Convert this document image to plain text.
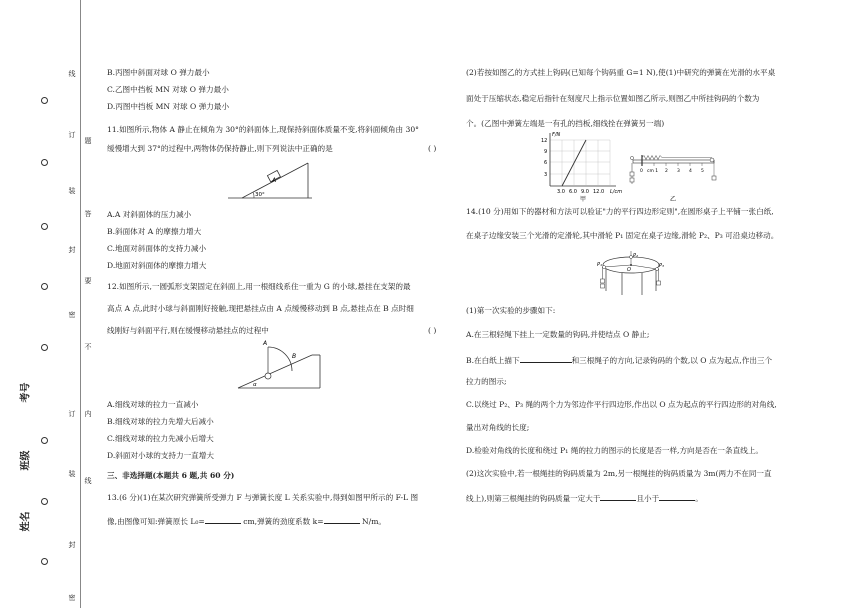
线
订
装
封
密
订
装
封
密
题
答
要
不
内
线
考号
班级
姓名
B.丙图中斜面对球 O 弹力最小
C.乙图中挡板 MN 对球 O 弹力最小
D.丙图中挡板 MN 对球 O 弹力最小
11.如图所示,物体 A 静止在倾角为 30°的斜面体上,现保持斜面体质量不变,将斜面倾角由 30°
缓慢增大到 37°的过程中,两物体仍保持静止,则下列说法中正确的是	( )
A
30°
A.A 对斜面体的压力减小
B.斜面体对 A 的摩擦力增大
C.地面对斜面体的支持力减小
D.地面对斜面体的摩擦力增大
12.如图所示,一圆弧形支架固定在斜面上,用一根细线系住一重为 G 的小球,悬挂在支架的最
高点 A 点,此时小球与斜面刚好接触,现把悬挂点由 A 点缓慢移动到 B 点,悬挂点在 B 点时细
线刚好与斜面平行,则在缓慢移动悬挂点的过程中	( )
A
B
α
A.细线对球的拉力一直减小
B.细线对球的拉力先增大后减小
C.细线对球的拉力先减小后增大
D.斜面对小球的支持力一直增大
三、非选择题(本题共 6 题,共 60 分)
13.(6 分)(1)在某次研究弹簧所受弹力 F 与弹簧长度 L 关系实验中,得到如图甲所示的 F-L 图
像,由图像可知:弹簧原长 L₀=	cm,弹簧的劲度系数 k=	N/m。
(2)若按如图乙的方式挂上钩码(已知每个钩码重 G=1 N),使(1)中研究的弹簧在光滑的水平桌
面处于压缩状态,稳定后指针在刻度尺上指示位置如图乙所示,则图乙中所挂钩码的个数为
个。(乙图中弹簧左端是一有孔的挡板,细线拴在弹簧另一端)
F/N
12
9
6
3
3.0 6.0 9.0 12.0 L/cm
甲
0 cm 1 2 3 4 5
乙
14.(10 分)用如下的器材和方法可以验证"力的平行四边形定则",在圆形桌子上平铺一张白纸,
在桌子边缘安装三个光滑的定滑轮,其中滑轮 P₁ 固定在桌子边缘,滑轮 P₂、P₃ 可沿桌边移动。
P₁
P₂
P₃
O
(1)第一次实验的步骤如下:
A.在三根轻绳下挂上一定数量的钩码,并使结点 O 静止;
B.在白纸上描下	和三根绳子的方向,记录钩码的个数,以 O 点为起点,作出三个
拉力的图示;
C.以绕过 P₂、P₃ 绳的两个力为邻边作平行四边形,作出以 O 点为起点的平行四边形的对角线,
量出对角线的长度;
D.检验对角线的长度和绕过 P₁ 绳的拉力的图示的长度是否一样,方向是否在一条直线上。
(2)这次实验中,若一根绳挂的钩码质量为 2m,另一根绳挂的钩码质量为 3m(两力不在同一直
线上),则第三根绳挂的钩码质量一定大于	且小于	。
